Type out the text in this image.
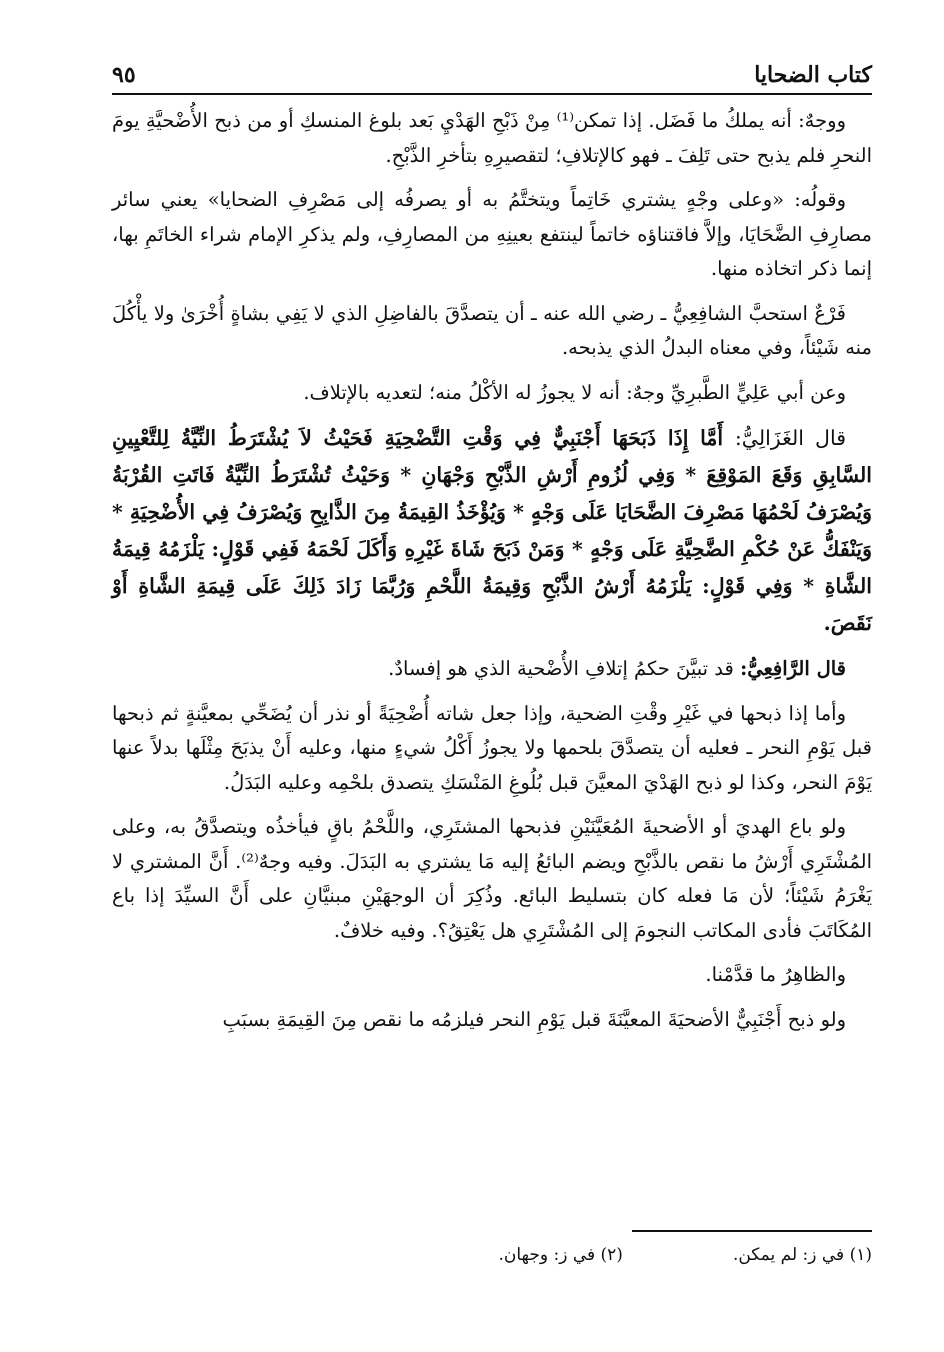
كتاب الضحايا
٩٥

ووجهٌ: أنه يملكُ ما فَضَل. إذا تمكن⁽¹⁾ مِنْ ذَبْحِ الهَدْيِ بَعد بلوغ المنسكِ أو من ذبح الأُضْحيَّةِ يومَ النحرِ فلم يذبح حتى تَلِفَ ـ فهو كالإتلافِ؛ لتقصيرِهِ بتأخرِ الذَّبْحِ.

وقولُه: «وعلى وجْهٍ يشتري خَاتِماً ويتختَّمُ به أو يصرفُه إلى مَصْرِفِ الضحايا» يعني سائر مصارِفِ الضَّحَايَا، وإلاَّ فاقتناؤه خاتماً لينتفع بعينِهِ من المصارِفِ، ولم يذكرِ الإمام شراء الخاتَمِ بها، إنما ذكر اتخاذه منها.

فَرْعٌ استحبَّ الشافِعِيُّ ـ رضي الله عنه ـ أن يتصدَّقَ بالفاضِلِ الذي لا يَفِي بشاةٍ أُخْرَىٰ ولا يأْكُلَ منه شَيْئاً، وفي معناه البدلُ الذي يذبحه.

وعن أبي عَلِيٍّ الطَّبرِيِّ وجهٌ: أنه لا يجوزُ له الأكْلُ منه؛ لتعديه بالإتلاف.

قال الغَزَالِيُّ: أَمَّا إِذَا ذَبَحَهَا أَجْنَبِيٌّ فِي وَقْتِ التَّضْحِيَةِ فَحَيْثُ لاَ يُشْتَرَطُ النِّيَّةُ لِلتَّعْيِينِ السَّابِقِ وَقَعَ المَوْقِعَ * وَفِي لُزُومِ أَرْشِ الذَّبْحِ وَجْهَانِ * وَحَيْثُ تُشْتَرَطُ النِّيَّةُ فَاتَتِ القُرْبَةُ وَيُصْرَفُ لَحْمُهَا مَصْرِفَ الضَّحَايَا عَلَى وَجْهٍ * وَيُؤْخَذُ القِيمَةُ مِنَ الذَّابِحِ وَيُصْرَفُ فِي الأُضْحِيَةِ * وَيَنْفَكُّ عَنْ حُكْمِ الضَّحِيَّةِ عَلَى وَجْهٍ * وَمَنْ ذَبَحَ شَاةَ غَيْرِهِ وَأَكَلَ لَحْمَهُ فَفِي قَوْلٍ: يَلْزَمُهُ قِيمَةُ الشَّاةِ * وَفِي قَوْلٍ: يَلْزَمُهُ أَرْشُ الذَّبْحِ وَقِيمَةُ اللَّحْمِ وَرُبَّمَا زَادَ ذَلِكَ عَلَى قِيمَةِ الشَّاةِ أَوْ نَقَصَ.

قال الرَّافِعِيُّ: قد تبيَّنَ حكمُ إتلافِ الأُضْحية الذي هو إفسادٌ.

وأما إذا ذبحها في غَيْرِ وقْتِ الضحية، وإذا جعل شاته أُضْحِيَةً أو نذر أن يُضَحِّي بمعيَّنةٍ ثم ذبحها قبل يَوْمِ النحر ـ فعليه أن يتصدَّقَ بلحمها ولا يجوزُ أَكْلُ شيءٍ منها، وعليه أَنْ يذبَحَ مِثْلَها بدلاً عنها يَوْمَ النحر، وكذا لو ذبح الهَدْيَ المعيَّنَ قبل بُلُوغِ المَنْسَكِ يتصدق بلحْمِه وعليه البَدَلُ.

ولو باع الهديَ أو الأضحيةَ المُعَيَّنَيْنِ فذبحها المشتَرِي، واللَّحْمُ باقٍ فيأخذُه ويتصدَّقُ به، وعلى المُشْتَرِي أَرْشُ ما نقص بالذَّبْحِ ويضم البائعُ إليه مَا يشتري به البَدَلَ. وفيه وجهٌ⁽²⁾. أَنَّ المشتري لا يَغْرَمُ شَيْئاً؛ لأن مَا فعله كان بتسليط البائع. وذُكِرَ أن الوجهَيْنِ مبنيَّانِ على أَنَّ السيِّدَ إذا باع المُكَاتَبَ فأدى المكاتب النجومَ إلى المُشْتَرِي هل يَعْتِقُ؟. وفيه خلافٌ.

والظاهِرُ ما قدَّمْنا.

ولو ذبح أَجْنَبِيٌّ الأضحيَةَ المعيَّنَةَ قبل يَوْمِ النحر فيلزمُه ما نقص مِنَ القِيمَةِ بسبَبِ

(١) في ز: لم يمكن.
(٢) في ز: وجهان.
